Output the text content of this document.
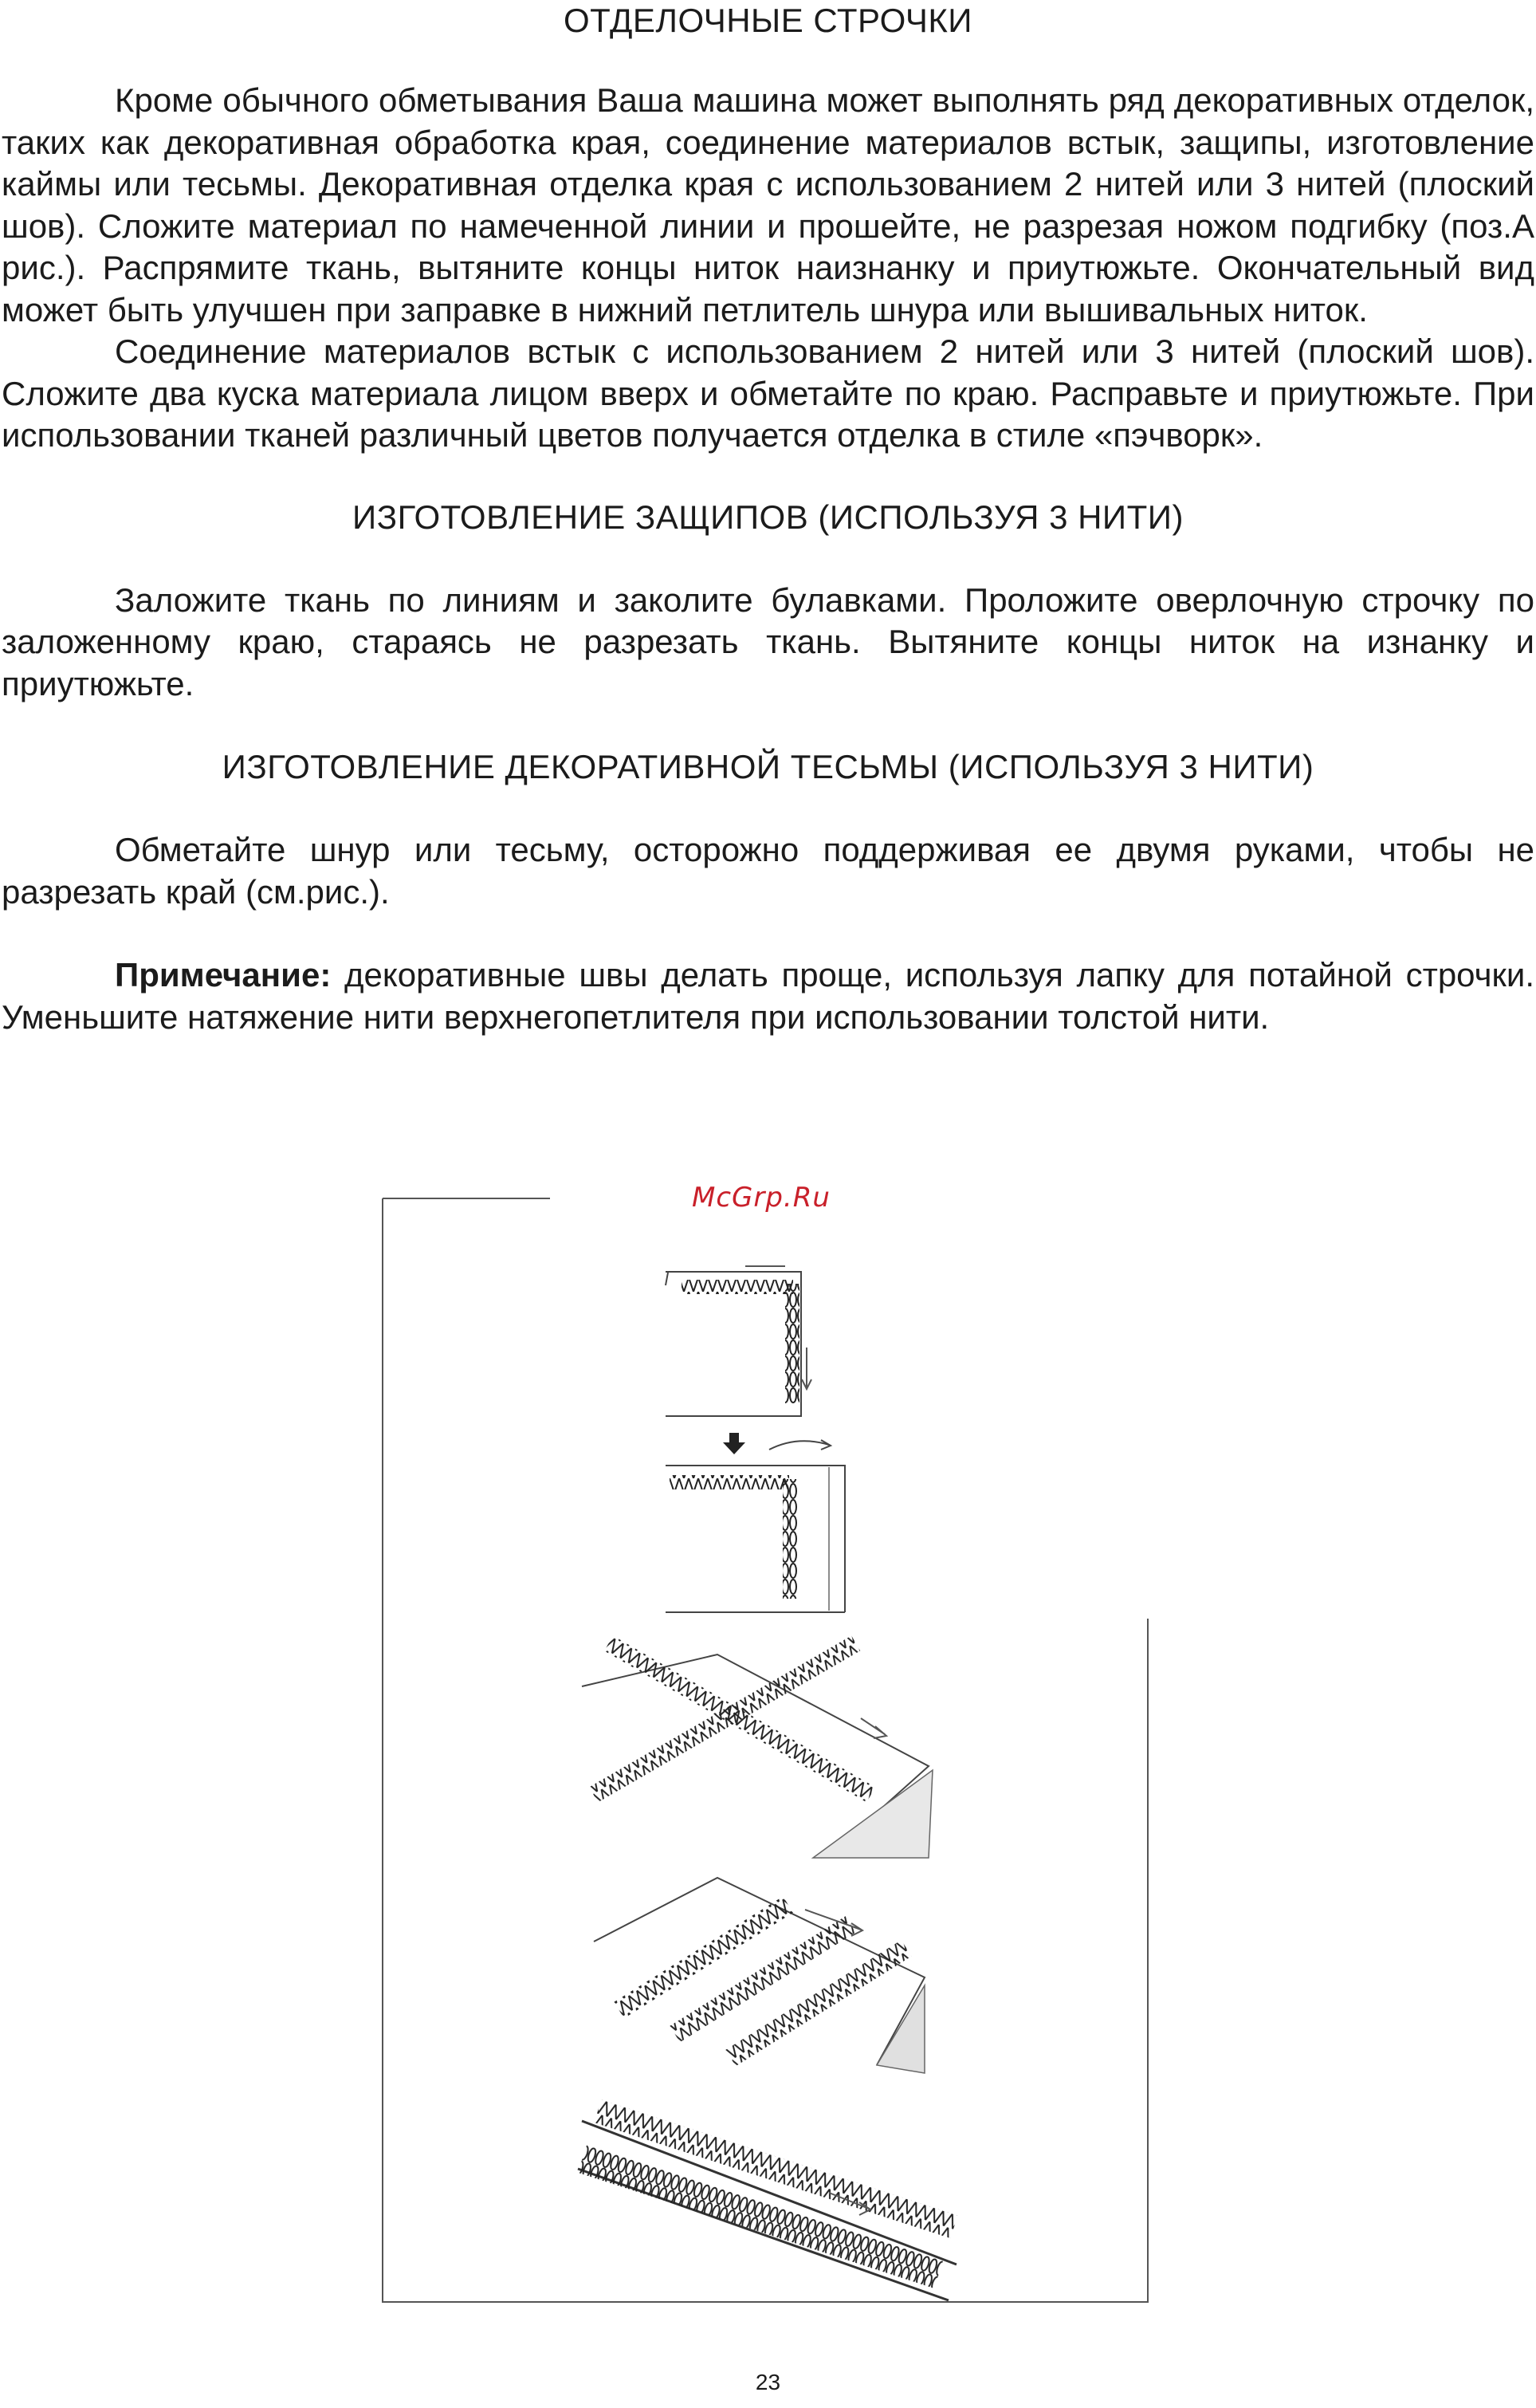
ОТДЕЛОЧНЫЕ СТРОЧКИ

Кроме обычного обметывания Ваша машина может выполнять ряд декоративных отделок, таких как декоративная обработка края, соединение материалов встык, защипы, изготовление каймы или тесьмы. Декоративная отделка края с использованием 2 нитей или 3 нитей (плоский шов). Сложите материал по намеченной линии и прошейте, не разрезая ножом подгибку (поз.А рис.). Распрямите ткань, вытяните концы ниток наизнанку и приутюжьте. Окончательный вид может быть улучшен при заправке в нижний петлитель шнура или вышивальных ниток.

Соединение материалов встык с использованием 2 нитей или 3 нитей (плоский шов). Сложите два куска материала лицом вверх и обметайте по краю. Расправьте и приутюжьте. При использовании тканей различный цветов получается отделка в стиле «пэчворк».

ИЗГОТОВЛЕНИЕ ЗАЩИПОВ (ИСПОЛЬЗУЯ 3 НИТИ)

Заложите ткань по линиям и заколите булавками. Проложите оверлочную строчку по заложенному краю, стараясь не разрезать ткань. Вытяните концы ниток на изнанку и приутюжьте.

ИЗГОТОВЛЕНИЕ ДЕКОРАТИВНОЙ ТЕСЬМЫ (ИСПОЛЬЗУЯ 3 НИТИ)

Обметайте шнур или тесьму, осторожно поддерживая ее двумя руками, чтобы не разрезать край (см.рис.).

Примечание: декоративные швы делать проще, используя лапку для потайной строчки. Уменьшите натяжение нити верхнегопетлителя при использовании толстой нити.

McGrp.Ru
23
